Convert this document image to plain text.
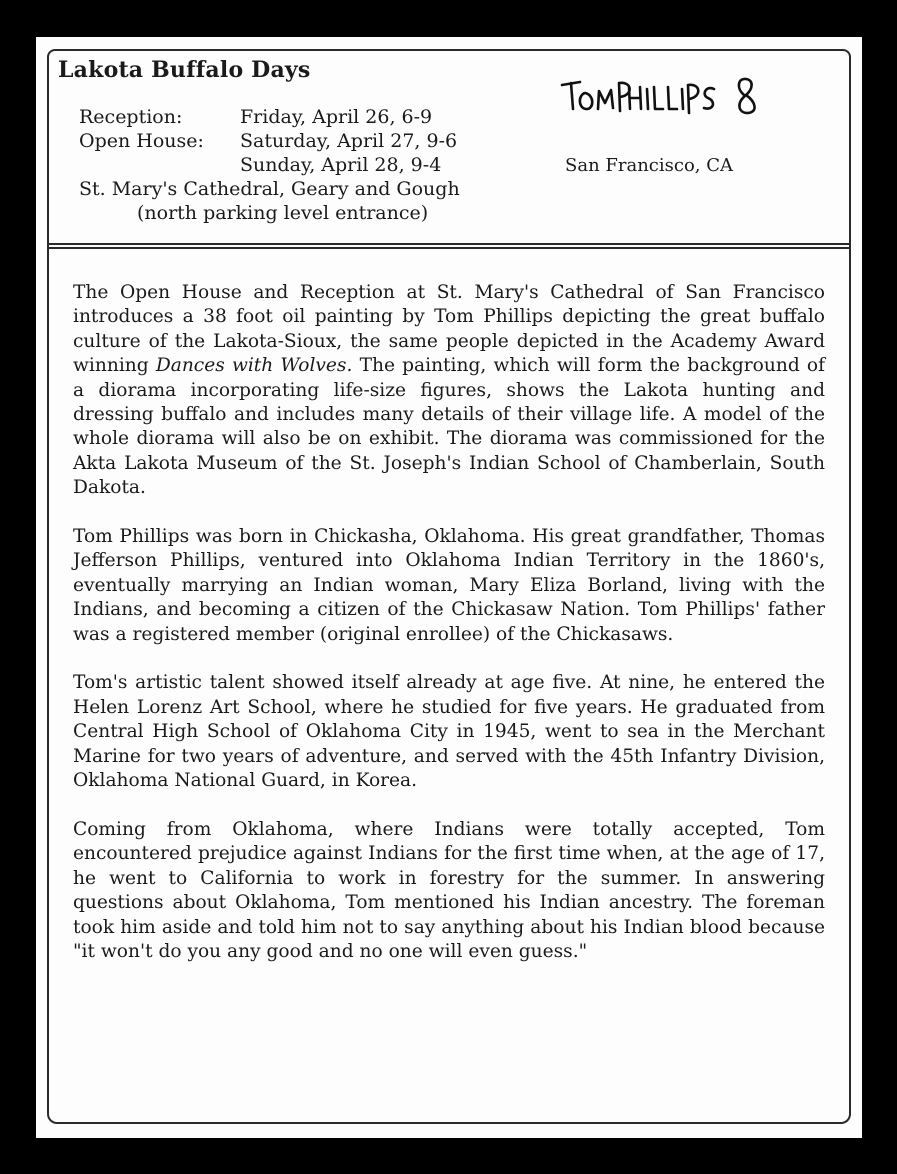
Lakota Buffalo Days
Reception:	Friday, April 26, 6-9
Open House: Saturday, April 27, 9-6
Sunday, April 28, 9-4
St. Mary's Cathedral, Geary and Gough
(north parking level entrance)
San Francisco, CA

The Open House and Reception at St. Mary's Cathedral of San Francisco introduces a 38 foot oil painting by Tom Phillips depicting the great buffalo culture of the Lakota-Sioux, the same people depicted in the Academy Award winning Dances with Wolves. The painting, which will form the background of a diorama incorporating life-size figures, shows the Lakota hunting and dressing buffalo and includes many details of their village life. A model of the whole diorama will also be on exhibit. The diorama was commissioned for the Akta Lakota Museum of the St. Joseph's Indian School of Chamberlain, South Dakota.

Tom Phillips was born in Chickasha, Oklahoma. His great grandfather, Thomas Jefferson Phillips, ventured into Oklahoma Indian Territory in the 1860's, eventually marrying an Indian woman, Mary Eliza Borland, living with the Indians, and becoming a citizen of the Chickasaw Nation. Tom Phillips' father was a registered member (original enrollee) of the Chickasaws.

Tom's artistic talent showed itself already at age five. At nine, he entered the Helen Lorenz Art School, where he studied for five years. He graduated from Central High School of Oklahoma City in 1945, went to sea in the Merchant Marine for two years of adventure, and served with the 45th Infantry Division, Oklahoma National Guard, in Korea.

Coming from Oklahoma, where Indians were totally accepted, Tom encountered prejudice against Indians for the first time when, at the age of 17, he went to California to work in forestry for the summer. In answering questions about Oklahoma, Tom mentioned his Indian ancestry. The foreman took him aside and told him not to say anything about his Indian blood because "it won't do you any good and no one will even guess."
